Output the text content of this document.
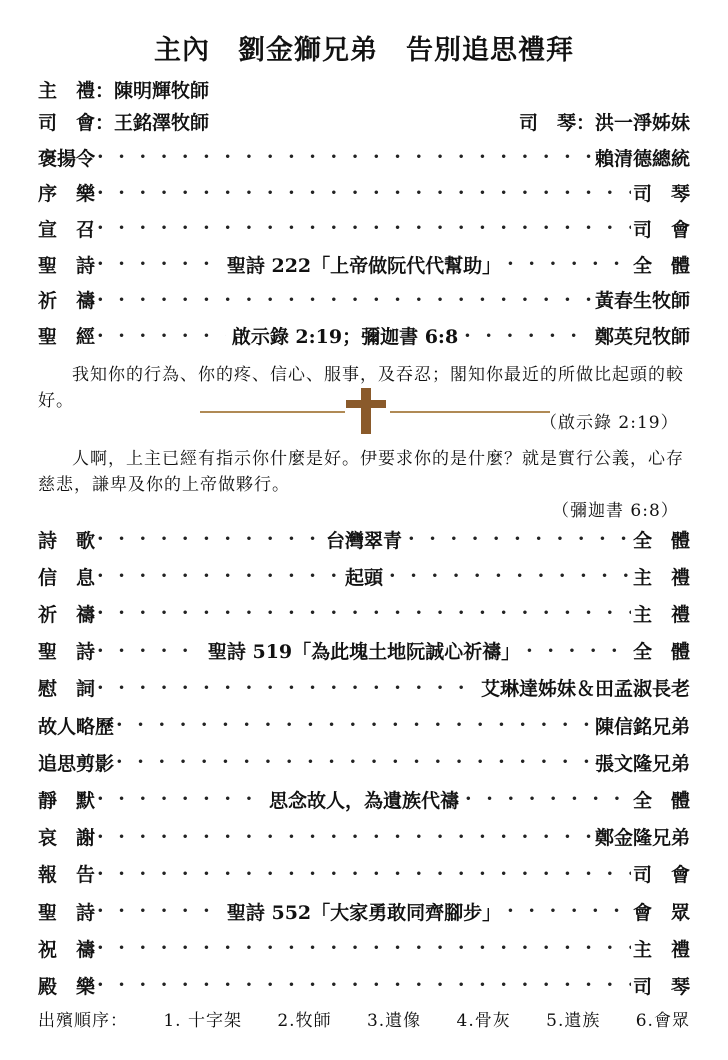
主內　劉金獅兄弟　告別追思禮拜
主　禮：陳明輝牧師
司　會：王銘澤牧師	司　琴：洪一淨姊妹
褒揚令 · · ·	賴清德總統
序　樂 · · ·	司　琴
宣　召 · · ·	司　會
聖　詩 · · ·	聖詩 222「上帝做阮代代幫助」 · · ·	全　體
祈　禱 · · ·	黃春生牧師
聖　經 · · ·	啟示錄 2:19；彌迦書 6:8 · · ·	鄭英兒牧師
我知你的行為、你的疼、信心、服事，及吞忍；閣知你最近的所做比起頭的較好。
（啟示錄 2:19）
人啊，上主已經有指示你什麼是好。伊要求你的是什麼？就是實行公義，心存慈悲，謙卑及你的上帝做夥行。
（彌迦書 6:8）
詩　歌 · · ·	台灣翠青 · · ·	全　體
信　息 · · ·	起頭 · · ·	主　禮
祈　禱 · · ·	主　禮
聖　詩 · · ·	聖詩 519「為此塊土地阮誠心祈禱」 · · ·	全　體
慰　詞 · · ·	艾琳達姊妹＆田孟淑長老
故人略歷 · · ·	陳信銘兄弟
追思剪影 · · ·	張文隆兄弟
靜　默 · · ·	思念故人，為遺族代禱 · · ·	全　體
哀　謝 · · ·	鄭金隆兄弟
報　告 · · ·	司　會
聖　詩 · · ·	聖詩 552「大家勇敢同齊腳步」 · · ·	會　眾
祝　禱 · · ·	主　禮
殿　樂 · · ·	司　琴
出殯順序： 1. 十字架 2.牧師 3.遺像 4.骨灰 5.遺族 6.會眾
